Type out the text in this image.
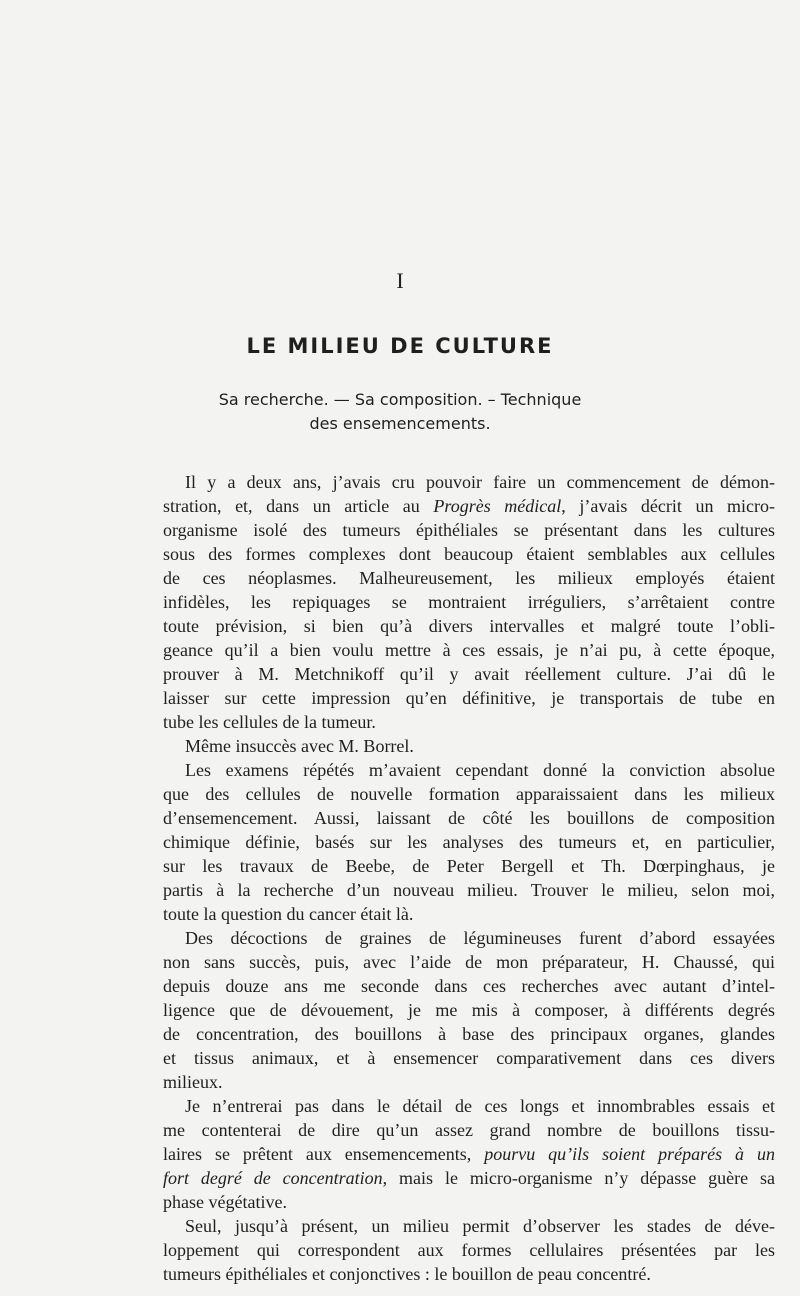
I
LE MILIEU DE CULTURE
Sa recherche. — Sa composition. – Technique
des ensemencements.
Il y a deux ans, j’avais cru pouvoir faire un commencement de démon-
stration, et, dans un article au Progrès médical, j’avais décrit un micro-
organisme isolé des tumeurs épithéliales se présentant dans les cultures
sous des formes complexes dont beaucoup étaient semblables aux cellules
de ces néoplasmes. Malheureusement, les milieux employés étaient
infidèles, les repiquages se montraient irréguliers, s’arrêtaient contre
toute prévision, si bien qu’à divers intervalles et malgré toute l’obli-
geance qu’il a bien voulu mettre à ces essais, je n’ai pu, à cette époque,
prouver à M. Metchnikoff qu’il y avait réellement culture. J’ai dû le
laisser sur cette impression qu’en définitive, je transportais de tube en
tube les cellules de la tumeur.
Même insuccès avec M. Borrel.
Les examens répétés m’avaient cependant donné la conviction absolue
que des cellules de nouvelle formation apparaissaient dans les milieux
d’ensemencement. Aussi, laissant de côté les bouillons de composition
chimique définie, basés sur les analyses des tumeurs et, en particulier,
sur les travaux de Beebe, de Peter Bergell et Th. Dœrpinghaus, je
partis à la recherche d’un nouveau milieu. Trouver le milieu, selon moi,
toute la question du cancer était là.
Des décoctions de graines de légumineuses furent d’abord essayées
non sans succès, puis, avec l’aide de mon préparateur, H. Chaussé, qui
depuis douze ans me seconde dans ces recherches avec autant d’intel-
ligence que de dévouement, je me mis à composer, à différents degrés
de concentration, des bouillons à base des principaux organes, glandes
et tissus animaux, et à ensemencer comparativement dans ces divers
milieux.
Je n’entrerai pas dans le détail de ces longs et innombrables essais et
me contenterai de dire qu’un assez grand nombre de bouillons tissu-
laires se prêtent aux ensemencements, pourvu qu’ils soient préparés à un
fort degré de concentration, mais le micro-organisme n’y dépasse guère sa
phase végétative.
Seul, jusqu’à présent, un milieu permit d’observer les stades de déve-
loppement qui correspondent aux formes cellulaires présentées par les
tumeurs épithéliales et conjonctives : le bouillon de peau concentré.
